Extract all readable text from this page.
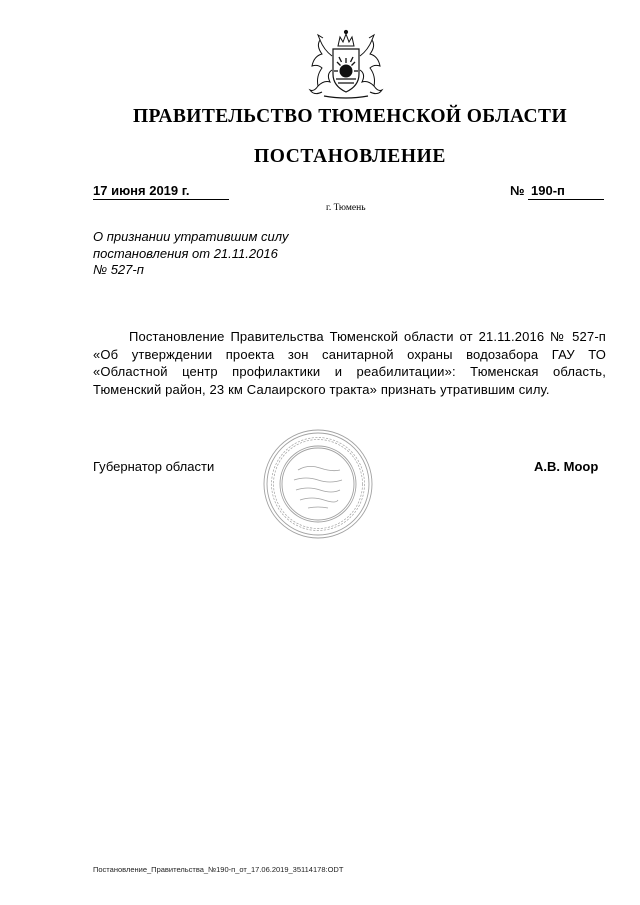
ПРАВИТЕЛЬСТВО ТЮМЕНСКОЙ ОБЛАСТИ
ПОСТАНОВЛЕНИЕ
17 июня 2019 г.	№ 190-п
г. Тюмень
О признании утратившим силу
постановления от 21.11.2016
№ 527-п
Постановление Правительства Тюменской области от 21.11.2016 № 527-п «Об утверждении проекта зон санитарной охраны водозабора ГАУ ТО «Областной центр профилактики и реабилитации»: Тюменская область, Тюменский район, 23 км Салаирского тракта» признать утратившим силу.
Губернатор области	А.В. Моор
Постановление_Правительства_№190-п_от_17.06.2019_35114178:ODT
